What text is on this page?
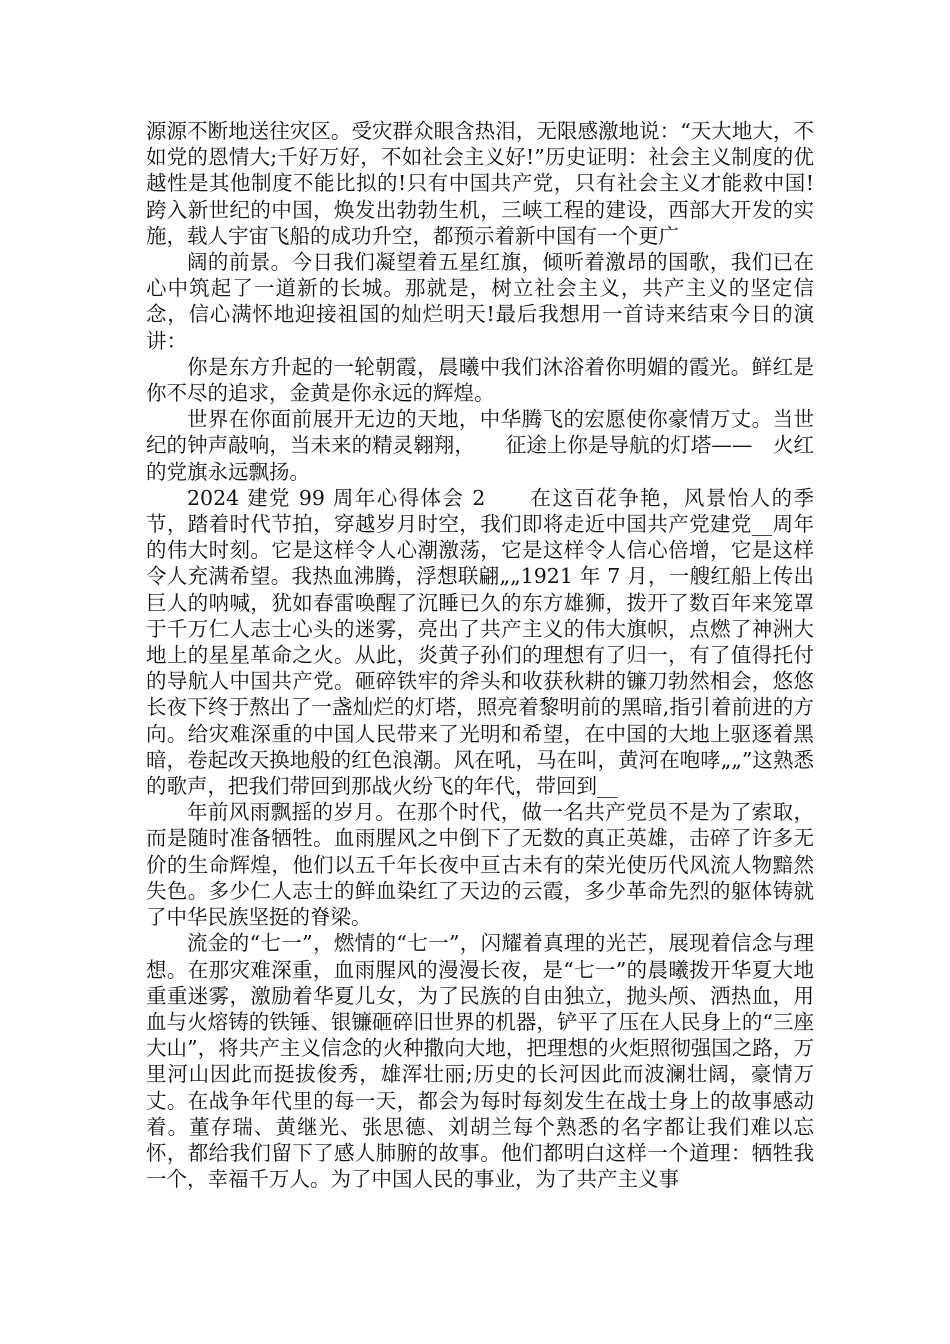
源源不断地送往灾区。受灾群众眼含热泪，无限感激地说：“天大地大，不如党的恩情大;千好万好，不如社会主义好!”历史证明：社会主义制度的优越性是其他制度不能比拟的!只有中国共产党，只有社会主义才能救中国!　　跨入新世纪的中国，焕发出勃勃生机，三峡工程的建设，西部大开发的实施，载人宇宙飞船的成功升空，都预示着新中国有一个更广

阔的前景。今日我们凝望着五星红旗，倾听着激昂的国歌，我们已在心中筑起了一道新的长城。那就是，树立社会主义，共产主义的坚定信念，信心满怀地迎接祖国的灿烂明天!最后我想用一首诗来结束今日的演讲：

你是东方升起的一轮朝霞，晨曦中我们沐浴着你明媚的霞光。鲜红是你不尽的追求，金黄是你永远的辉煌。

世界在你面前展开无边的天地，中华腾飞的宏愿使你豪情万丈。当世纪的钟声敲响，当未来的精灵翱翔，　　征途上你是导航的灯塔——　火红的党旗永远飘扬。

2024 建党 99 周年心得体会 2　　在这百花争艳，风景怡人的季节，踏着时代节拍，穿越岁月时空，我们即将走近中国共产党建党__周年的伟大时刻。它是这样令人心潮激荡，它是这样令人信心倍增，它是这样令人充满希望。我热血沸腾，浮想联翩„„1921 年 7 月，一艘红船上传出巨人的呐喊，犹如春雷唤醒了沉睡已久的东方雄狮，拨开了数百年来笼罩于千万仁人志士心头的迷雾，亮出了共产主义的伟大旗帜，点燃了神洲大地上的星星革命之火。从此，炎黄子孙们的理想有了归一，有了值得托付的导航人中国共产党。砸碎铁牢的斧头和收获秋耕的镰刀勃然相会，悠悠长夜下终于熬出了一盏灿烂的灯塔，照亮着黎明前的黑暗,指引着前进的方向。给灾难深重的中国人民带来了光明和希望，在中国的大地上驱逐着黑暗，卷起改天换地般的红色浪潮。风在吼，马在叫，黄河在咆哮„„”这熟悉的歌声，把我们带回到那战火纷飞的年代，带回到__

年前风雨飘摇的岁月。在那个时代，做一名共产党员不是为了索取，而是随时准备牺牲。血雨腥风之中倒下了无数的真正英雄，击碎了许多无价的生命辉煌，他们以五千年长夜中亘古未有的荣光使历代风流人物黯然失色。多少仁人志士的鲜血染红了天边的云霞，多少革命先烈的躯体铸就了中华民族坚挺的脊梁。

流金的“七一”，燃情的“七一”，闪耀着真理的光芒，展现着信念与理想。在那灾难深重，血雨腥风的漫漫长夜，是“七一”的晨曦拨开华夏大地重重迷雾，激励着华夏儿女，为了民族的自由独立，抛头颅、洒热血，用血与火熔铸的铁锤、银镰砸碎旧世界的机器，铲平了压在人民身上的“三座大山”，将共产主义信念的火种撒向大地，把理想的火炬照彻强国之路，万里河山因此而挺拔俊秀，雄浑壮丽;历史的长河因此而波澜壮阔，豪情万丈。在战争年代里的每一天，都会为每时每刻发生在战士身上的故事感动着。董存瑞、黄继光、张思德、刘胡兰每个熟悉的名字都让我们难以忘怀，都给我们留下了感人肺腑的故事。他们都明白这样一个道理：牺牲我一个，幸福千万人。为了中国人民的事业，为了共产主义事
